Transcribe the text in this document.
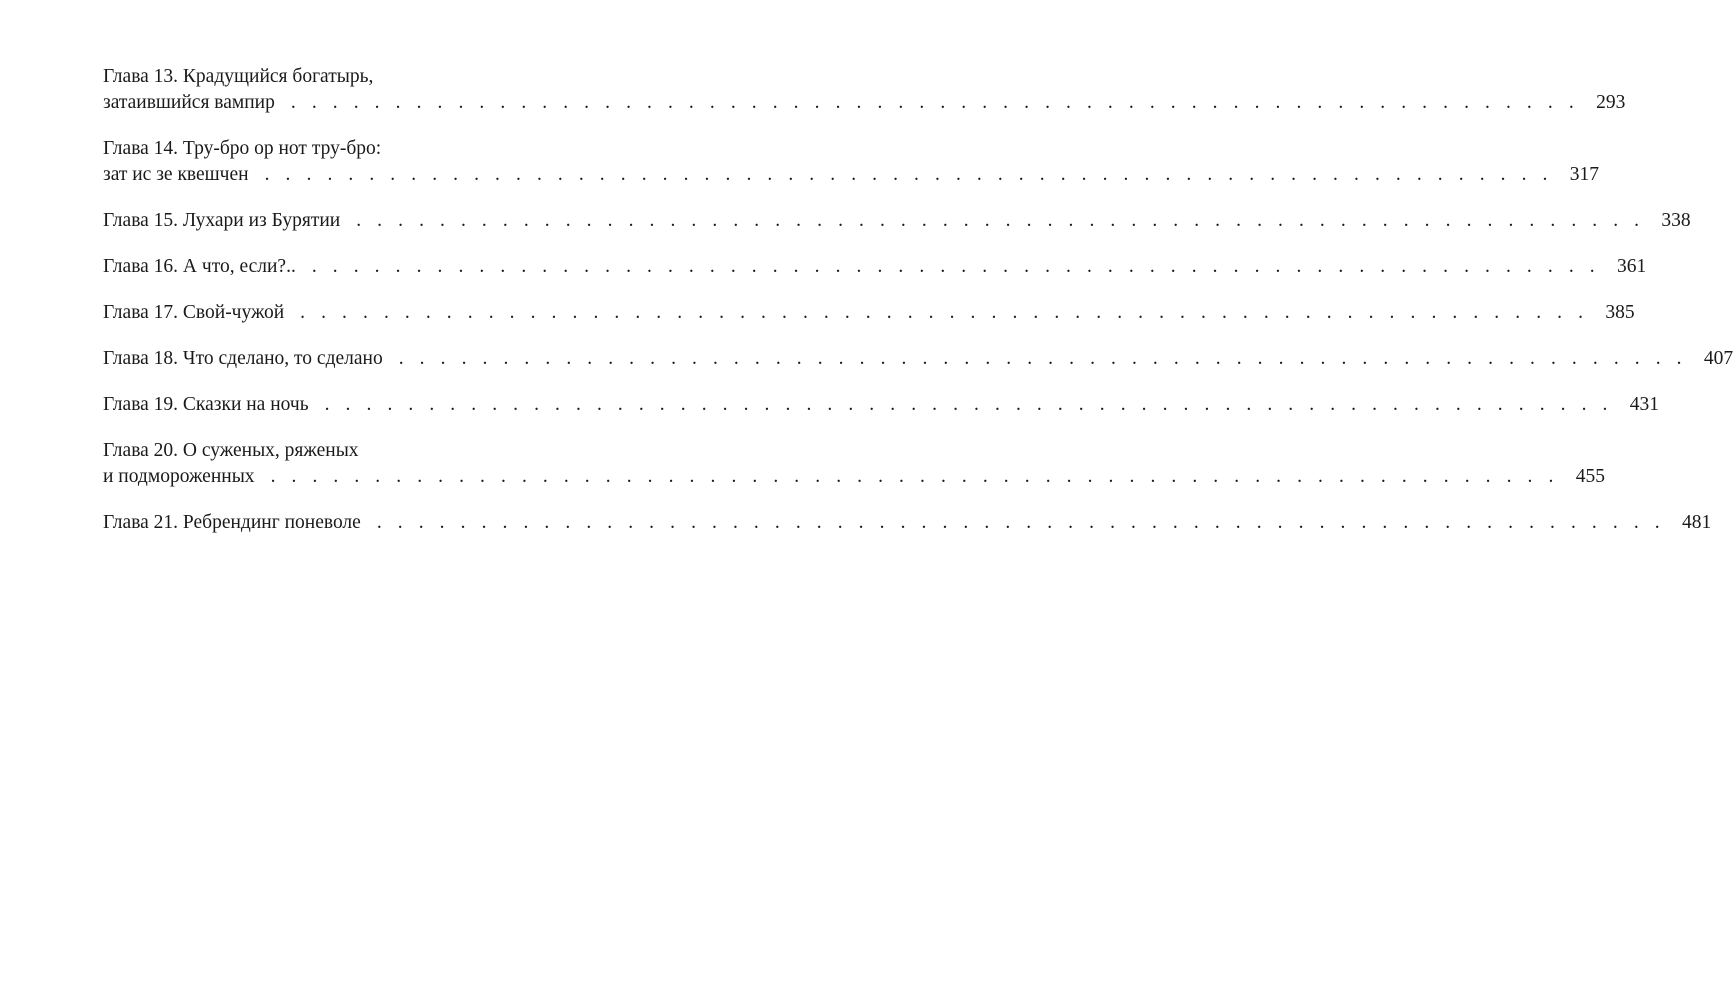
Глава 13. Крадущийся богатырь,
затаившийся вампир . . . . . . . . . . . . . . . . . . . . . . . . . . . . . . . . . . . . . . . . . . . . . . . . . . . . . . . . . . . . . . 293
Глава 14. Тру-бро ор нот тру-бро:
зат ис зе квешчен . . . . . . . . . . . . . . . . . . . . . . . . . . . . . . . . . . . . . . . . . . . . . . . . . . . . . . . . . . . . . . 317
Глава 15. Лухари из Бурятии . . . . . . . . . . . . . . . . . . . . . . . . . . . . . . . . . . . . . . . . . . . . . . . . . . . . . . . . . . . . . . 338
Глава 16. А что, если?.. . . . . . . . . . . . . . . . . . . . . . . . . . . . . . . . . . . . . . . . . . . . . . . . . . . . . . . . . . . . . . . 361
Глава 17. Свой-чужой . . . . . . . . . . . . . . . . . . . . . . . . . . . . . . . . . . . . . . . . . . . . . . . . . . . . . . . . . . . . . . 385
Глава 18. Что сделано, то сделано . . . . . . . . . . . . . . . . . . . . . . . . . . . . . . . . . . . . . . . . . . . . . . . . . . . . . . . . . . . . . . 407
Глава 19. Сказки на ночь . . . . . . . . . . . . . . . . . . . . . . . . . . . . . . . . . . . . . . . . . . . . . . . . . . . . . . . . . . . . . . 431
Глава 20. О суженых, ряженых
и подмороженных . . . . . . . . . . . . . . . . . . . . . . . . . . . . . . . . . . . . . . . . . . . . . . . . . . . . . . . . . . . . . . 455
Глава 21. Ребрендинг поневоле . . . . . . . . . . . . . . . . . . . . . . . . . . . . . . . . . . . . . . . . . . . . . . . . . . . . . . . . . . . . . . 481
